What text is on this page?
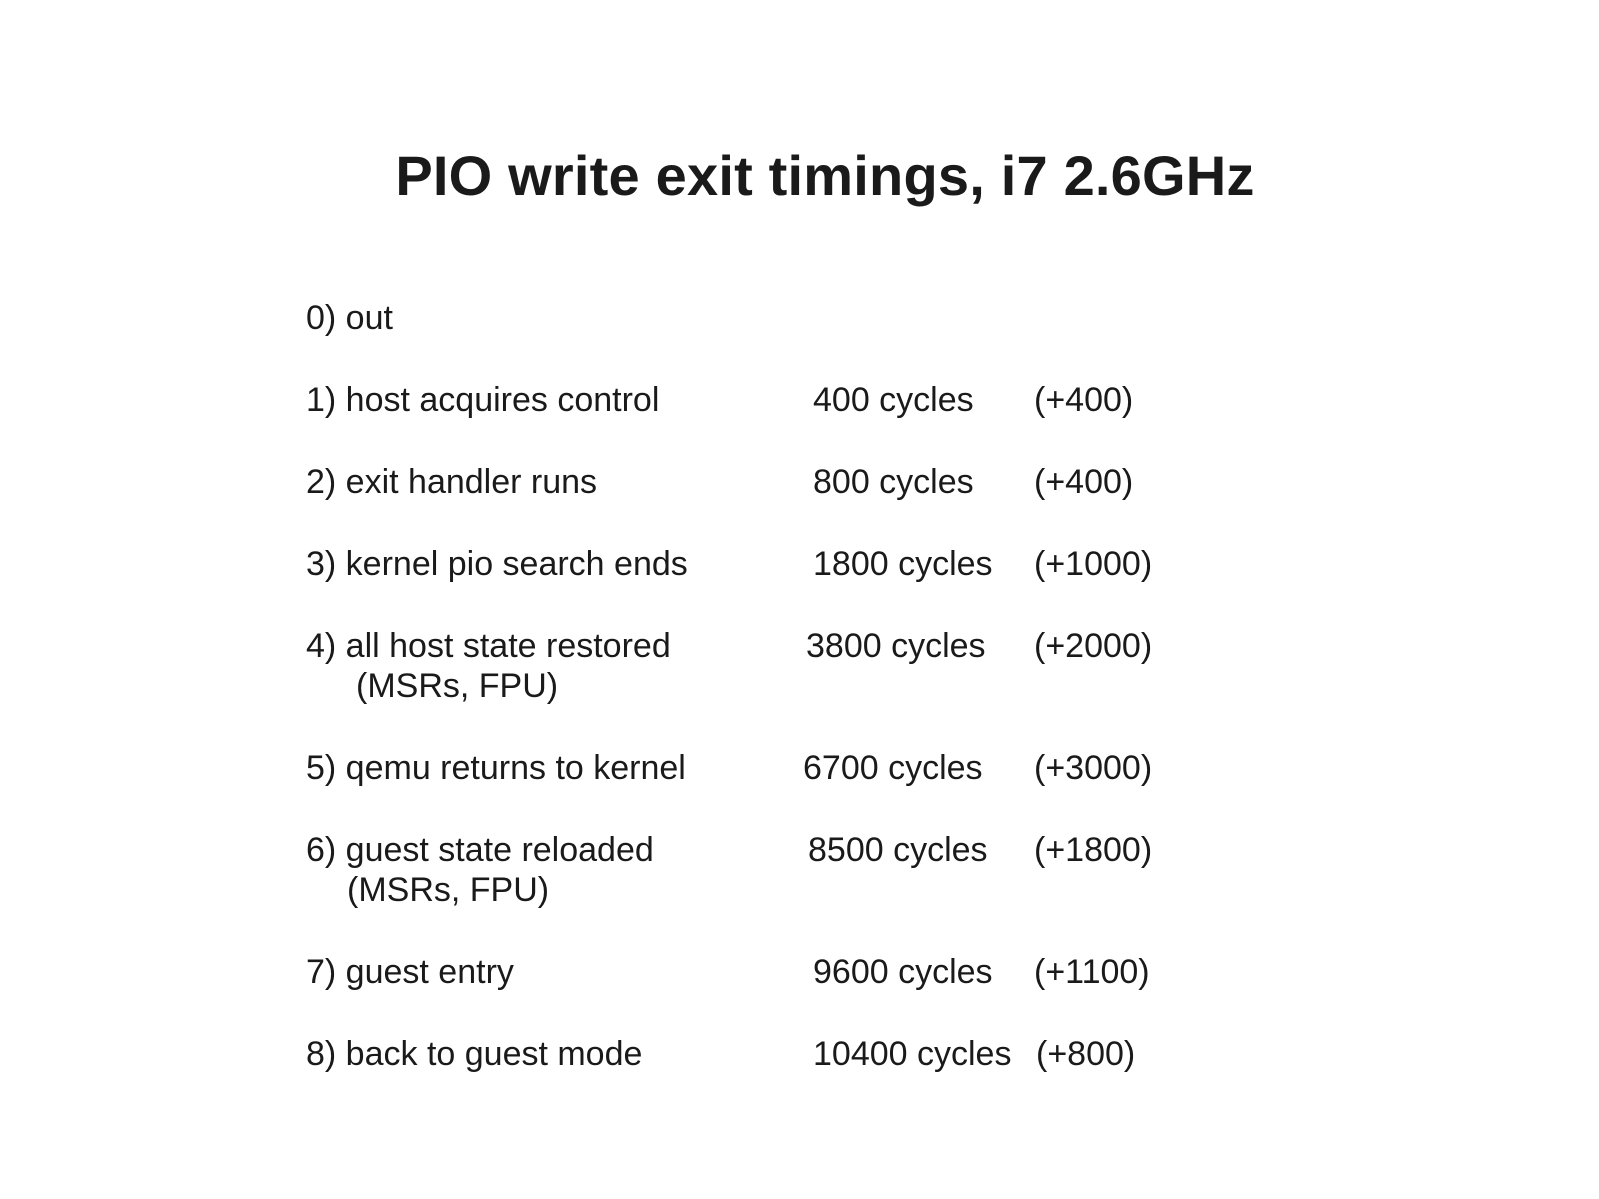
PIO write exit timings, i7 2.6GHz
0) out
1) host acquires control	400 cycles (+400)
2) exit handler runs	800 cycles (+400)
3) kernel pio search ends	1800 cycles (+1000)
4) all host state restored	3800 cycles (+2000)
(MSRs, FPU)
5) qemu returns to kernel	6700 cycles (+3000)
6) guest state reloaded	8500 cycles (+1800)
(MSRs, FPU)
7) guest entry	9600 cycles (+1100)
8) back to guest mode	10400 cycles (+800)
